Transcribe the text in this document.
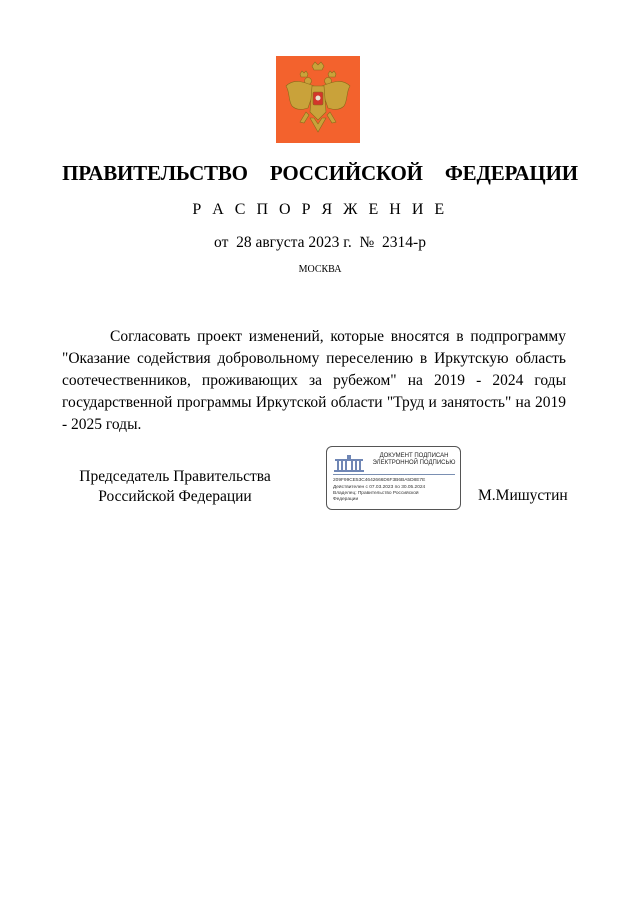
ПРАВИТЕЛЬСТВО  РОССИЙСКОЙ  ФЕДЕРАЦИИ
Р А С П О Р Я Ж Е Н И Е
от  28 августа 2023 г.  №  2314-р
МОСКВА
Согласовать проект изменений, которые вносятся в подпрограмму "Оказание содействия добровольному переселению в Иркутскую область соотечественников, проживающих за рубежом" на 2019 - 2024 годы государственной программы Иркутской области "Труд и занятость" на 2019 - 2025 годы.
Председатель Правительства
Российской Федерации
ДОКУМЕНТ ПОДПИСАН
ЭЛЕКТРОННОЙ ПОДПИСЬЮ
209F99CE53C4642666D6F3B6BA5D8E7E
Действителен с 07.03.2023 по 30.05.2024
Владелец: Правительство Российской
Федерации	М.Мишустин
